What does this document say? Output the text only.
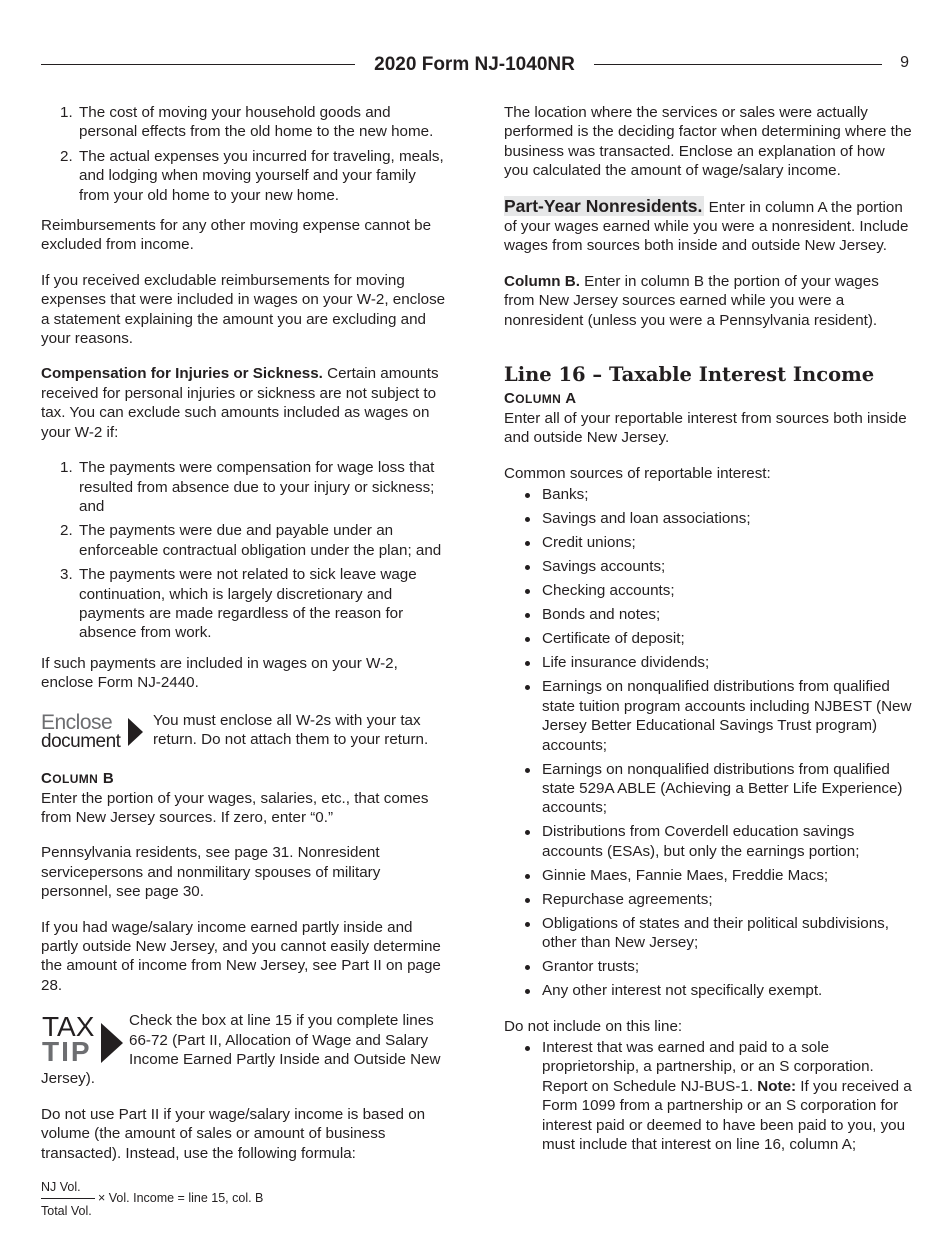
2020 Form NJ-1040NR	9
1. The cost of moving your household goods and personal effects from the old home to the new home.
2. The actual expenses you incurred for traveling, meals, and lodging when moving yourself and your family from your old home to your new home.

Reimbursements for any other moving expense cannot be excluded from income.

If you received excludable reimbursements for moving expenses that were included in wages on your W-2, enclose a statement explaining the amount you are excluding and your reasons.

Compensation for Injuries or Sickness. Certain amounts received for personal injuries or sickness are not subject to tax. You can exclude such amounts included as wages on your W-2 if:

1. The payments were compensation for wage loss that resulted from absence due to your injury or sickness; and
2. The payments were due and payable under an enforceable contractual obligation under the plan; and
3. The payments were not related to sick leave wage continuation, which is largely discretionary and payments are made regardless of the reason for absence from work.

If such payments are included in wages on your W-2, enclose Form NJ-2440.

Enclose
document
You must enclose all W-2s with your tax return. Do not attach them to your return.
COLUMN B

Enter the portion of your wages, salaries, etc., that comes from New Jersey sources. If zero, enter “0.”

Pennsylvania residents, see page 31. Nonresident servicepersons and nonmilitary spouses of military personnel, see page 30.

If you had wage/salary income earned partly inside and partly outside New Jersey, and you cannot easily determine the amount of income from New Jersey, see Part II on page 28.

TAX
TIP
Check the box at line 15 if you complete lines 66-72 (Part II, Allocation of Wage and Salary Income Earned Partly Inside and Outside New Jersey).

Do not use Part II if your wage/salary income is based on volume (the amount of sales or amount of business transacted). Instead, use the following formula:

NJ Vol.
× Vol. Income = line 15, col. B
Total Vol.

The location where the services or sales were actually performed is the deciding factor when determining where the business was transacted. Enclose an explanation of how you calculated the amount of wage/salary income.

Part-Year Nonresidents. Enter in column A the portion of your wages earned while you were a nonresident. Include wages from sources both inside and outside New Jersey.

Column B. Enter in column B the portion of your wages from New Jersey sources earned while you were a nonresident (unless you were a Pennsylvania resident).

Line 16 – Taxable Interest Income
COLUMN A

Enter all of your reportable interest from sources both inside and outside New Jersey.

Common sources of reportable interest:

Banks;
Savings and loan associations;
Credit unions;
Savings accounts;
Checking accounts;
Bonds and notes;
Certificate of deposit;
Life insurance dividends;
Earnings on nonqualified distributions from qualified state tuition program accounts including NJBEST (New Jersey Better Educational Savings Trust program) accounts;
Earnings on nonqualified distributions from qualified state 529A ABLE (Achieving a Better Life Experience) accounts;
Distributions from Coverdell education savings accounts (ESAs), but only the earnings portion;
Ginnie Maes, Fannie Maes, Freddie Macs;
Repurchase agreements;
Obligations of states and their political subdivisions, other than New Jersey;
Grantor trusts;
Any other interest not specifically exempt.

Do not include on this line:

Interest that was earned and paid to a sole proprietorship, a partnership, or an S corporation. Report on Schedule NJ-BUS-1. Note: If you received a Form 1099 from a partnership or an S corporation for interest paid or deemed to have been paid to you, you must include that interest on line 16, column A;
